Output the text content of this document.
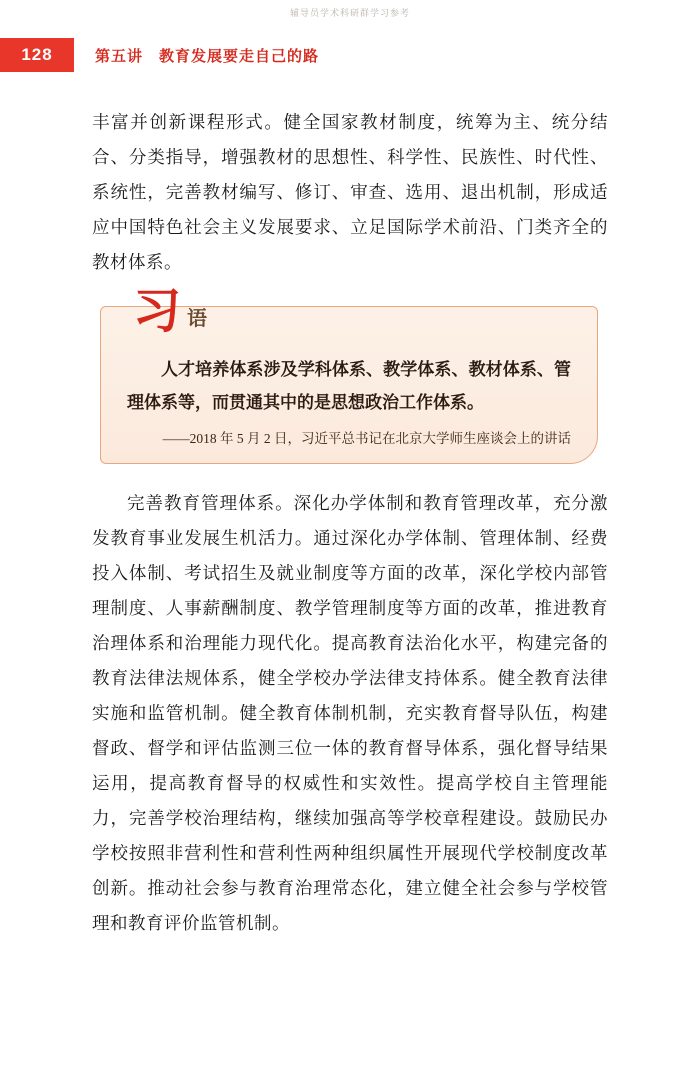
辅导员学术科研群学习参考
128	第五讲　教育发展要走自己的路

丰富并创新课程形式。健全国家教材制度，统筹为主、统分结合、分类指导，增强教材的思想性、科学性、民族性、时代性、系统性，完善教材编写、修订、审查、选用、退出机制，形成适应中国特色社会主义发展要求、立足国际学术前沿、门类齐全的教材体系。

习 语
人才培养体系涉及学科体系、教学体系、教材体系、管理体系等，而贯通其中的是思想政治工作体系。
——2018 年 5 月 2 日，习近平总书记在北京大学师生座谈会上的讲话

完善教育管理体系。深化办学体制和教育管理改革，充分激发教育事业发展生机活力。通过深化办学体制、管理体制、经费投入体制、考试招生及就业制度等方面的改革，深化学校内部管理制度、人事薪酬制度、教学管理制度等方面的改革，推进教育治理体系和治理能力现代化。提高教育法治化水平，构建完备的教育法律法规体系，健全学校办学法律支持体系。健全教育法律实施和监管机制。健全教育体制机制，充实教育督导队伍，构建督政、督学和评估监测三位一体的教育督导体系，强化督导结果运用，提高教育督导的权威性和实效性。提高学校自主管理能力，完善学校治理结构，继续加强高等学校章程建设。鼓励民办学校按照非营利性和营利性两种组织属性开展现代学校制度改革创新。推动社会参与教育治理常态化，建立健全社会参与学校管理和教育评价监管机制。
